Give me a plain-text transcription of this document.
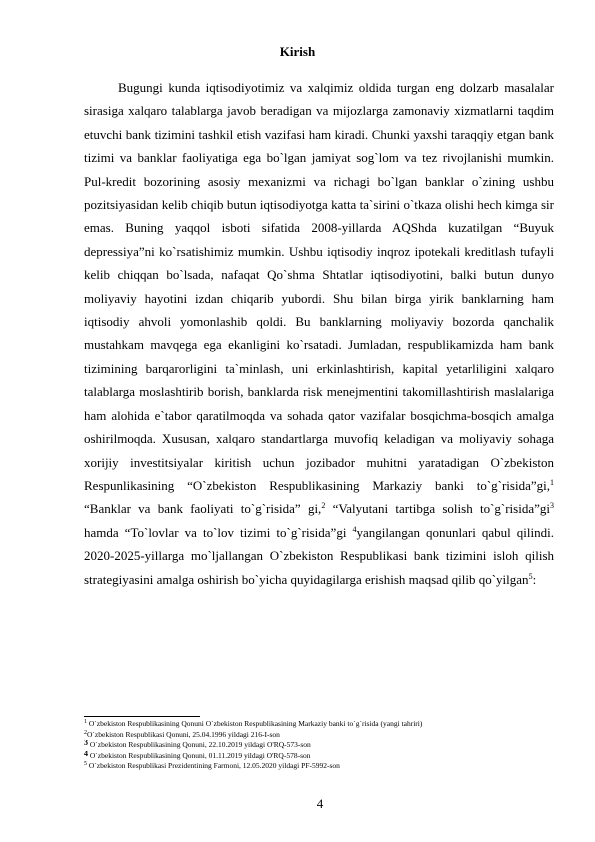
Kirish

Bugungi kunda iqtisodiyotimiz va xalqimiz oldida turgan eng dolzarb masalalar sirasiga xalqaro talablarga javob beradigan va mijozlarga zamonaviy xizmatlarni taqdim etuvchi bank tizimini tashkil etish vazifasi ham kiradi. Chunki yaxshi taraqqiy etgan bank tizimi va banklar faoliyatiga ega bo`lgan jamiyat sog`lom va tez rivojlanishi mumkin. Pul-kredit bozorining asosiy mexanizmi va richagi bo`lgan banklar o`zining ushbu pozitsiyasidan kelib chiqib butun iqtisodiyotga katta ta`sirini o`tkaza olishi hech kimga sir emas. Buning yaqqol isboti sifatida 2008-yillarda AQShda kuzatilgan “Buyuk depressiya”ni ko`rsatishimiz mumkin. Ushbu iqtisodiy inqroz ipotekali kreditlash tufayli kelib chiqqan bo`lsada, nafaqat Qo`shma Shtatlar iqtisodiyotini, balki butun dunyo moliyaviy hayotini izdan chiqarib yubordi. Shu bilan birga yirik banklarning ham iqtisodiy ahvoli yomonlashib qoldi. Bu banklarning moliyaviy bozorda qanchalik mustahkam mavqega ega ekanligini ko`rsatadi. Jumladan, respublikamizda ham bank tizimining barqarorligini ta`minlash, uni erkinlashtirish, kapital yetarliligini xalqaro talablarga moslashtirib borish, banklarda risk menejmentini takomillashtirish maslalariga ham alohida e`tabor qaratilmoqda va sohada qator vazifalar bosqichma-bosqich amalga oshirilmoqda. Xususan, xalqaro standartlarga muvofiq keladigan va moliyaviy sohaga xorijiy investitsiyalar kiritish uchun jozibador muhitni yaratadigan O`zbekiston Respunlikasining “O`zbekiston Respublikasining Markaziy banki to`g`risida”gi,$^1$ “Banklar va bank faoliyati to`g`risida” gi,$^2$ “Valyutani tartibga solish $to`g`risida”gi^3$ hamda “To`lovlar va to`lov tizimi to`g`risida”gi $^4$yangilangan qonunlari qabul qilindi. 2020-2025-yillarga mo`ljallangan O`zbekiston Respublikasi bank tizimini isloh qilish strategiyasini amalga oshirish bo`yicha quyidagilarga erishish maqsad qilib qo`yilgan$^5$:

$^1$ O`zbekiston Respublikasining Qonuni O`zbekiston Respublikasining Markaziy banki to`g`risida (yangi tahriri)
$^2$O`zbekiston Respublikasi Qonuni, 25.04.1996 yildagi 216-I-son
$^3$ O`zbekiston Respublikasining Qonuni, 22.10.2019 yildagi O'RQ-573-son
$^4$ O`zbekiston Respublikasining Qonuni, 01.11.2019 yildagi O'RQ-578-son
$^5$ O`zbekiston Respublikasi Prezidentining Farmoni, 12.05.2020 yildagi PF-5992-son
4
